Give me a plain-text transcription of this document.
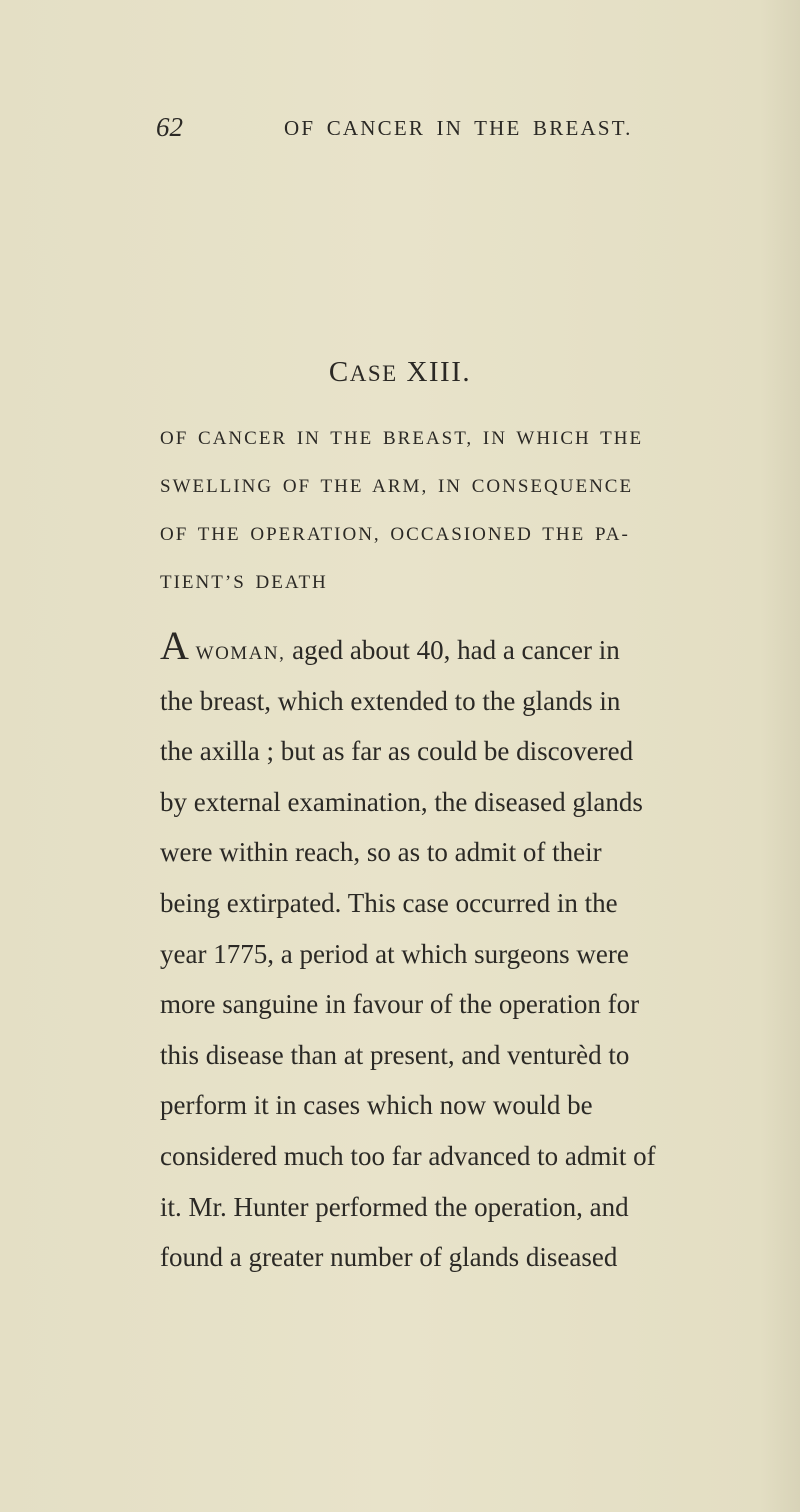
62	OF CANCER IN THE BREAST.
CASE XIII.
OF CANCER IN THE BREAST, IN WHICH THE
SWELLING OF THE ARM, IN CONSEQUENCE
OF THE OPERATION, OCCASIONED THE PA-
TIENT’S DEATH
A WOMAN, aged about 40, had a cancer in
the breast, which extended to the glands in
the axilla ; but as far as could be discovered
by external examination, the diseased glands
were within reach, so as to admit of their
being extirpated. This case occurred in the
year 1775, a period at which surgeons were
more sanguine in favour of the operation for
this disease than at present, and venturèd to
perform it in cases which now would be
considered much too far advanced to admit of
it. Mr. Hunter performed the operation, and
found a greater number of glands diseased
